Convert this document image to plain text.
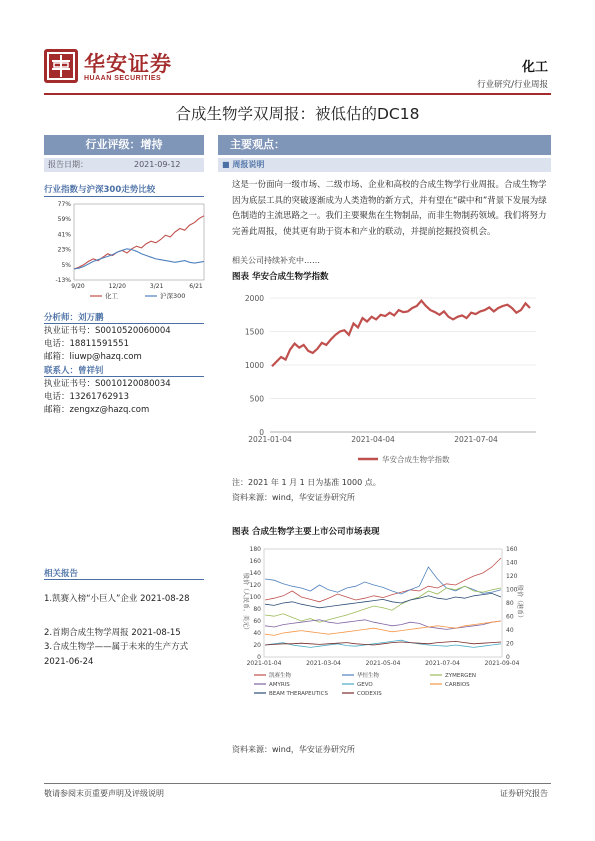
华安证券
HUAAN SECURITIES
化工
行业研究/行业周报
合成生物学双周报：被低估的DC18
行业评级：增持
报告日期：	2021-09-12
行业指数与沪深300走势比较
-13%
5%
23%
41%
59%
77%
9/20	12/20	3/21	6/21
化工	沪深300
分析师：刘万鹏
执业证书号：S0010520060004
电话：18811591551
邮箱：liuwp@hazq.com
联系人：曾祥钊
执业证书号：S0010120080034
电话：13261762913
邮箱：zengxz@hazq.com
相关报告
1.凯赛入榜“小巨人”企业 2021-08-28
2.首期合成生物学周报 2021-08-15
3.合成生物学——属于未来的生产方式 2021-06-24
主要观点：
■ 周报说明
这是一份面向一级市场、二级市场、企业和高校的合成生物学行业周报。合成生物学因为底层工具的突破逐渐成为人类造物的新方式，并有望在“碳中和”背景下发展为绿色制造的主流思路之一。我们主要聚焦在生物制品，而非生物制药领域。我们将努力完善此周报，使其更有助于资本和产业的联动，并提前挖掘投资机会。
相关公司持续补充中……
图表 华安合成生物学指数
0
500
1000
1500
2000
2021-01-04	2021-04-04	2021-07-04
华安合成生物学指数
注：2021 年 1 月 1 日为基准 1000 点。
资料来源：wind，华安证券研究所
图表 合成生物学主要上市公司市场表现
0
20
40
60
80
100
120
140
160
180
0
20
40
60
80
100
120
140
160
股价（人民币、美元）	股价（港币）
2021-01-04	2021-03-04	2021-05-04	2021-07-04	2021-09-04
凯赛生物	华恒生物	ZYMERGEN
AMYRIS	GEVO	CARBIOS
BEAM THERAPEUTICS	CODEXIS
资料来源：wind，华安证券研究所
敬请参阅末页重要声明及评级说明	证券研究报告
